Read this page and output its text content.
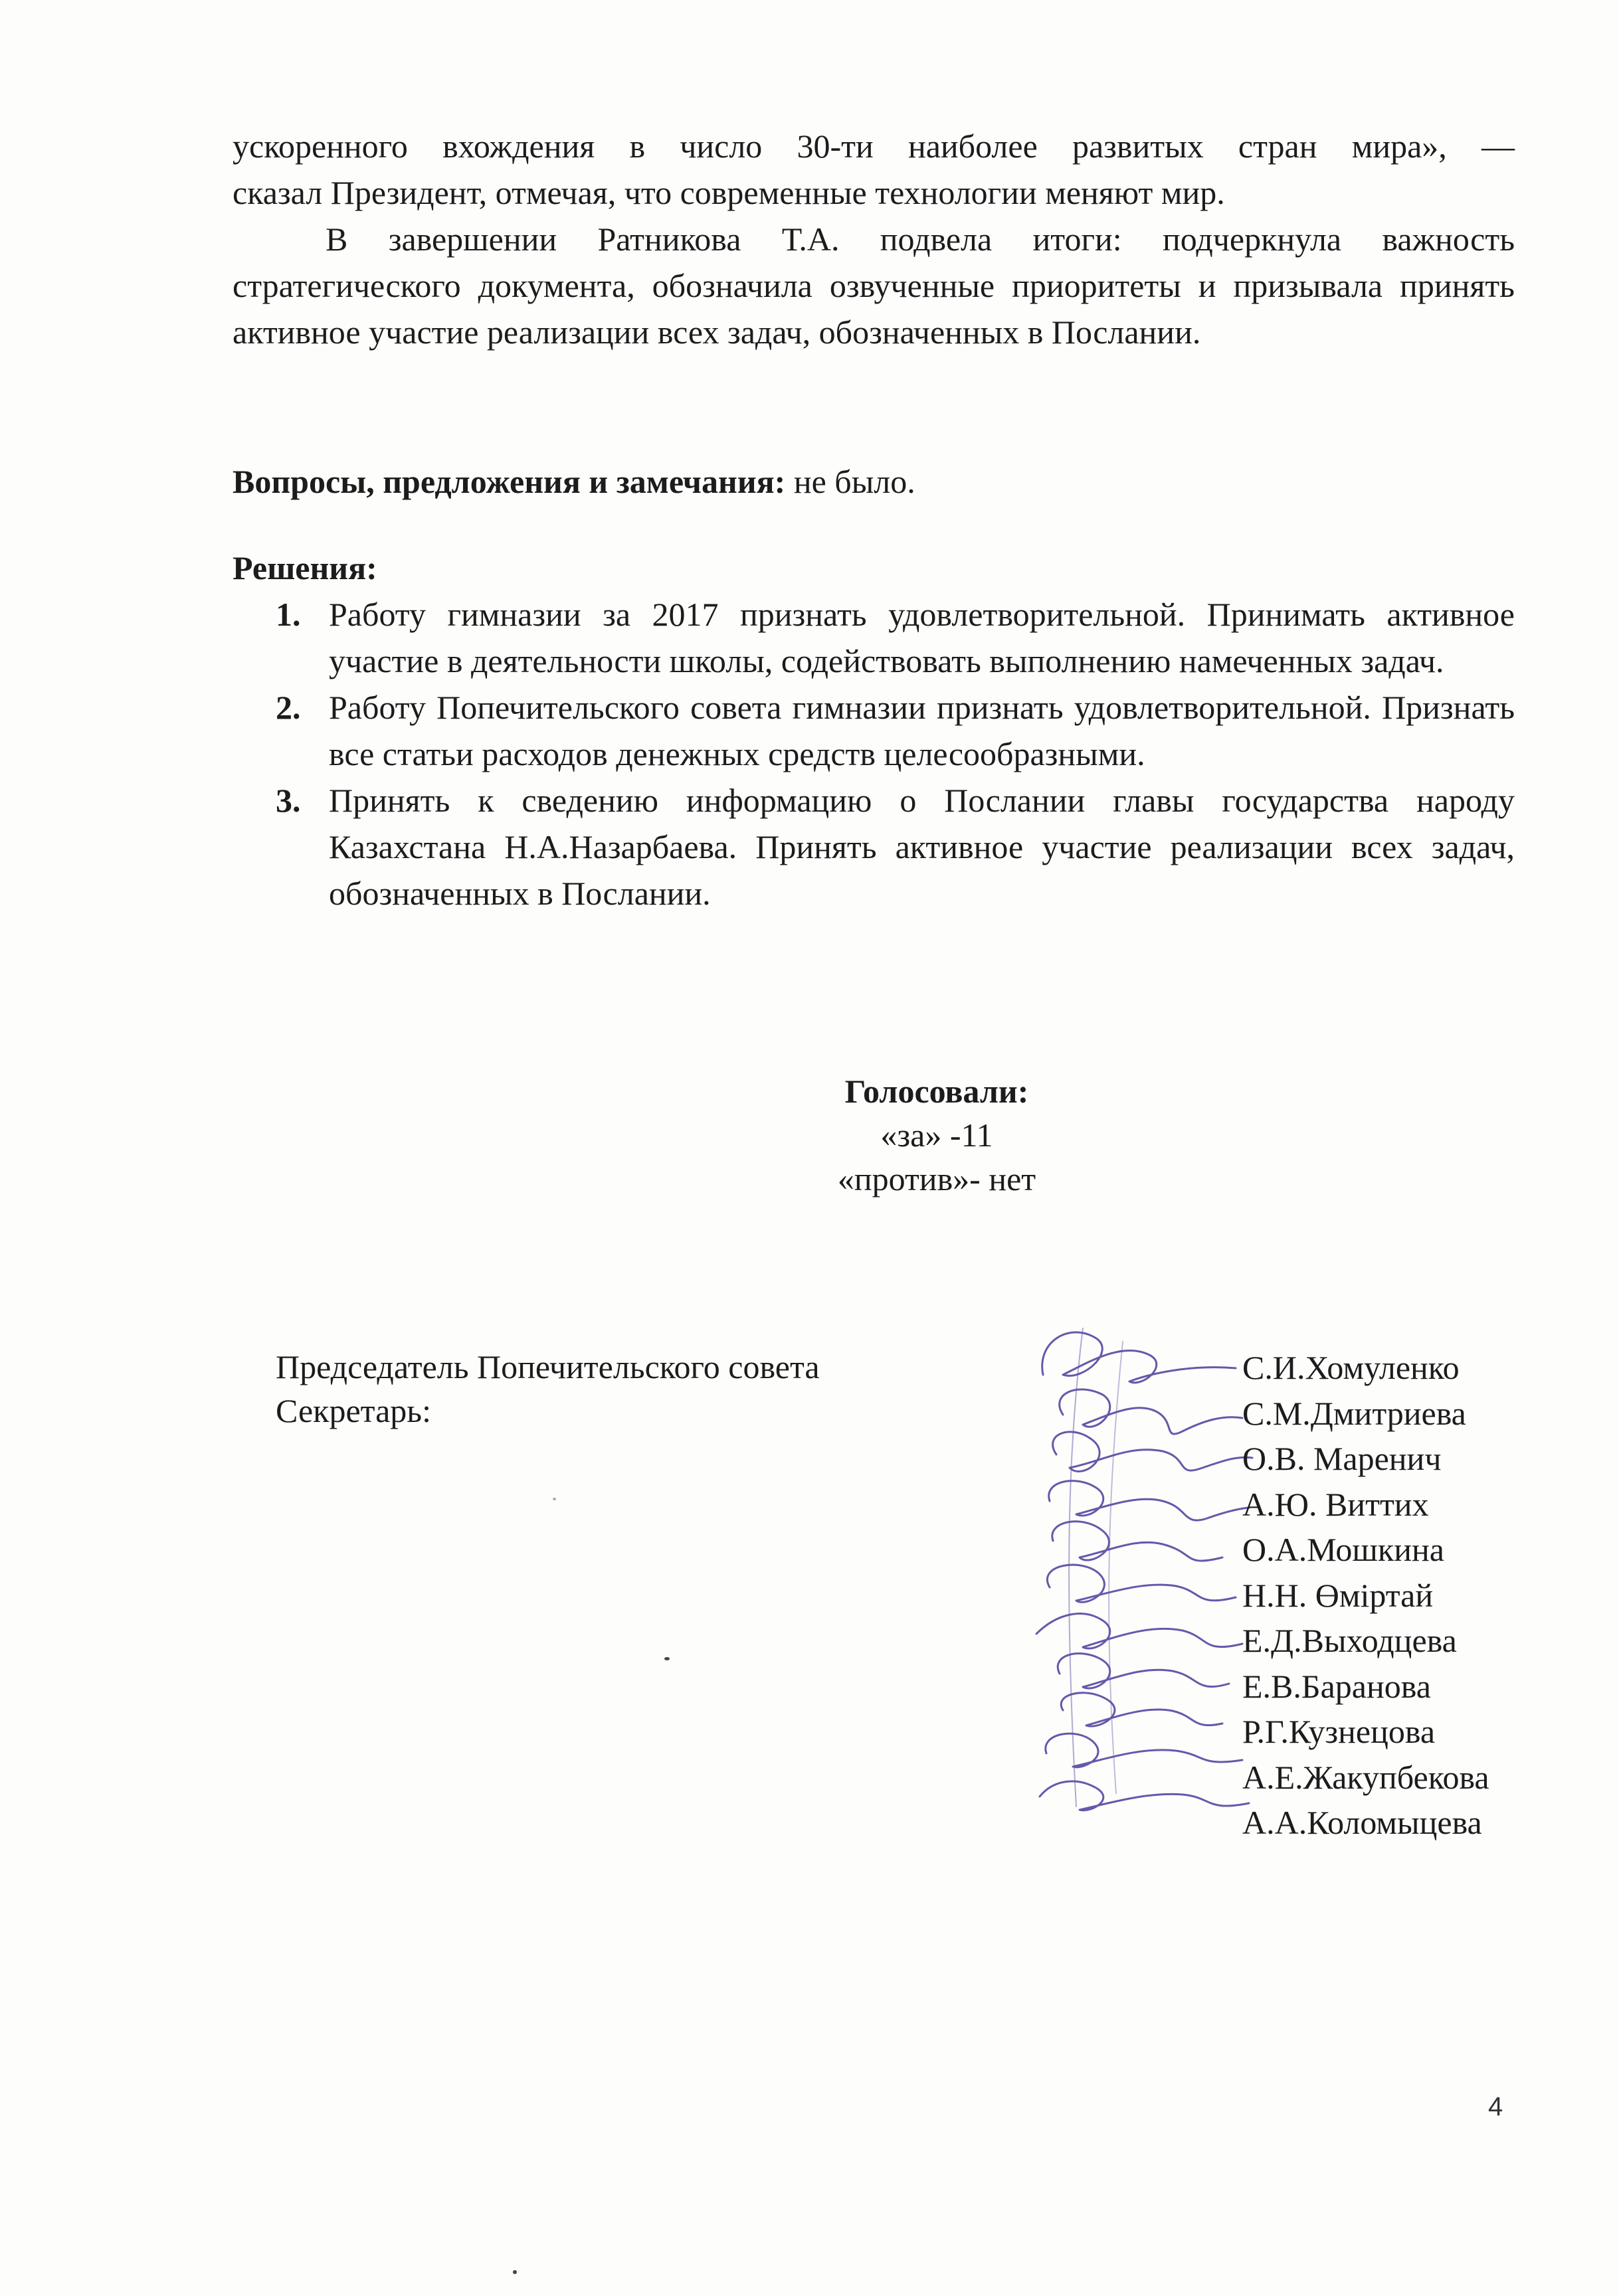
ускоренного вхождения в число 30-ти наиболее развитых стран мира», —
сказал Президент, отмечая, что современные технологии меняют мир.
В завершении Ратникова Т.А. подвела итоги: подчеркнула важность стратегического документа, обозначила озвученные приоритеты и призывала принять активное участие реализации всех задач, обозначенных в Послании.
Вопросы, предложения и замечания: не было.
Решения:
1. Работу гимназии за 2017 признать удовлетворительной. Принимать активное участие в деятельности школы, содействовать выполнению намеченных задач.
2. Работу Попечительского совета гимназии признать удовлетворительной. Признать все статьи расходов денежных средств целесообразными.
3. Принять к сведению информацию о Послании главы государства народу Казахстана Н.А.Назарбаева. Принять активное участие реализации всех задач, обозначенных в Послании.
Голосовали:
«за» -11
«против»- нет
Председатель Попечительского совета
Секретарь:
С.И.Хомуленко
С.М.Дмитриева
О.В. Маренич
А.Ю. Виттих
О.А.Мошкина
Н.Н. Өміртай
Е.Д.Выходцева
Е.В.Баранова
Р.Г.Кузнецова
А.Е.Жакупбекова
А.А.Коломыцева
4
